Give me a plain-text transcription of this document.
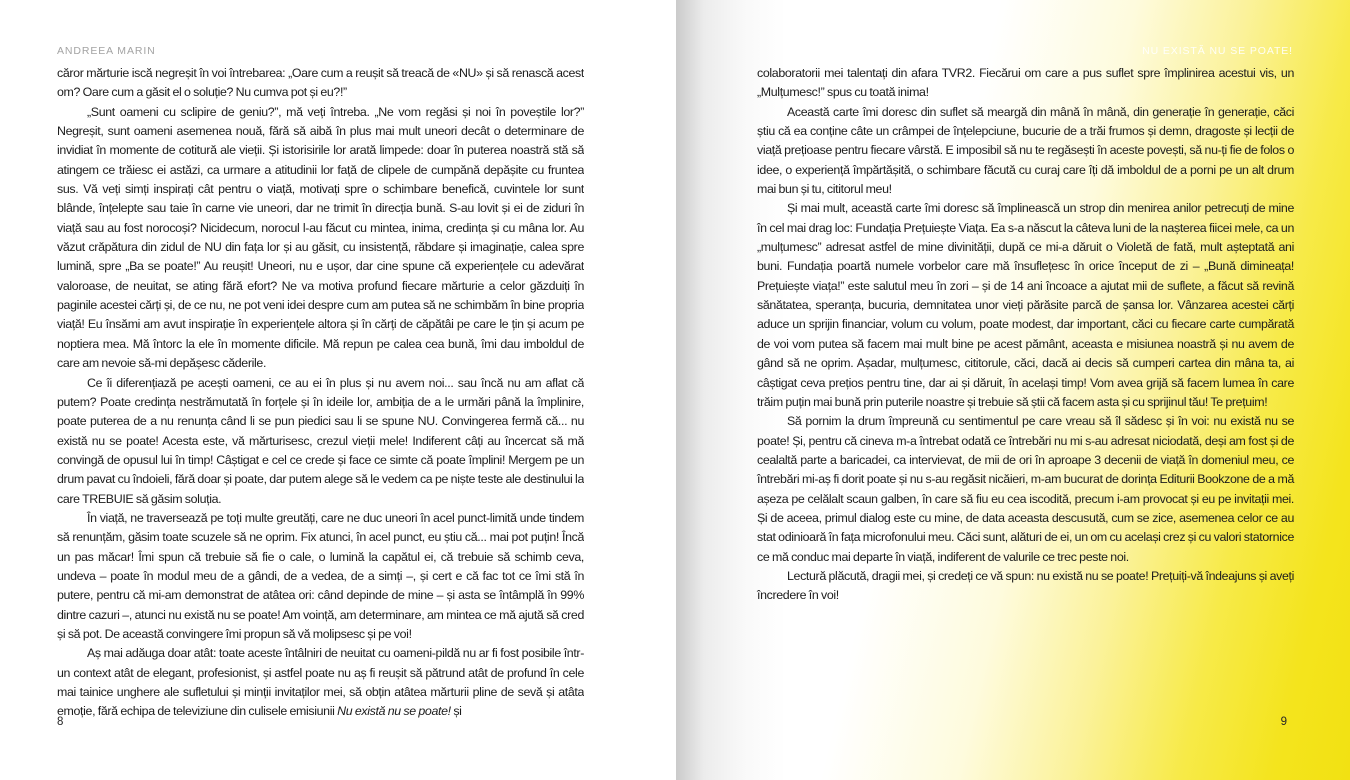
ANDREEA MARIN

căror mărturie iscă negreșit în voi întrebarea: „Oare cum a reușit să treacă de «NU» și să renască acest om? Oare cum a găsit el o soluție? Nu cumva pot și eu?!”

„Sunt oameni cu sclipire de geniu?”, mă veți întreba. „Ne vom regăsi și noi în poveștile lor?” Negreșit, sunt oameni asemenea nouă, fără să aibă în plus mai mult uneori decât o determinare de invidiat în momente de cotitură ale vieții. Și istorisirile lor arată limpede: doar în puterea noastră stă să atingem ce trăiesc ei astăzi, ca urmare a atitudinii lor față de clipele de cumpănă depășite cu fruntea sus. Vă veți simți inspirați cât pentru o viață, motivați spre o schimbare benefică, cuvintele lor sunt blânde, înțelepte sau taie în carne vie uneori, dar ne trimit în direcția bună. S-au lovit și ei de ziduri în viață sau au fost norocoși? Nicidecum, norocul l-au făcut cu mintea, inima, credința și cu mâna lor. Au văzut crăpătura din zidul de NU din fața lor și au găsit, cu insistență, răbdare și imaginație, calea spre lumină, spre „Ba se poate!” Au reușit! Uneori, nu e ușor, dar cine spune că experiențele cu adevărat valoroase, de neuitat, se ating fără efort? Ne va motiva profund fiecare mărturie a celor găzduiți în paginile acestei cărți și, de ce nu, ne pot veni idei despre cum am putea să ne schimbăm în bine propria viață! Eu însămi am avut inspirație în experiențele altora și în cărți de căpătâi pe care le țin și acum pe noptiera mea. Mă întorc la ele în momente dificile. Mă repun pe calea cea bună, îmi dau imboldul de care am nevoie să-mi depășesc căderile.

Ce îi diferențiază pe acești oameni, ce au ei în plus și nu avem noi... sau încă nu am aflat că putem? Poate credința nestrămutată în forțele și în ideile lor, ambiția de a le urmări până la împlinire, poate puterea de a nu renunța când li se pun piedici sau li se spune NU. Convingerea fermă că... nu există nu se poate! Acesta este, vă mărturisesc, crezul vieții mele! Indiferent câți au încercat să mă convingă de opusul lui în timp! Câștigat e cel ce crede și face ce simte că poate împlini! Mergem pe un drum pavat cu îndoieli, fără doar și poate, dar putem alege să le vedem ca pe niște teste ale destinului la care TREBUIE să găsim soluția.

În viață, ne traversează pe toți multe greutăți, care ne duc uneori în acel punct-limită unde tindem să renunțăm, găsim toate scuzele să ne oprim. Fix atunci, în acel punct, eu știu că... mai pot puțin! Încă un pas măcar! Îmi spun că trebuie să fie o cale, o lumină la capătul ei, că trebuie să schimb ceva, undeva – poate în modul meu de a gândi, de a vedea, de a simți –, și cert e că fac tot ce îmi stă în putere, pentru că mi-am demonstrat de atâtea ori: când depinde de mine – și asta se întâmplă în 99% dintre cazuri –, atunci nu există nu se poate! Am voință, am determinare, am mintea ce mă ajută să cred și să pot. De această convingere îmi propun să vă molipsesc și pe voi!

Aș mai adăuga doar atât: toate aceste întâlniri de neuitat cu oameni-pildă nu ar fi fost posibile într-un context atât de elegant, profesionist, și astfel poate nu aș fi reușit să pătrund atât de profund în cele mai tainice unghere ale sufletului și minții invitaților mei, să obțin atâtea mărturii pline de sevă și atâta emoție, fără echipa de televiziune din culisele emisiunii Nu există nu se poate! și

8
NU EXISTĂ NU SE POATE!

colaboratorii mei talentați din afara TVR2. Fiecărui om care a pus suflet spre împlinirea acestui vis, un „Mulțumesc!” spus cu toată inima!

Această carte îmi doresc din suflet să meargă din mână în mână, din generație în generație, căci știu că ea conține câte un crâmpei de înțelepciune, bucurie de a trăi frumos și demn, dragoste și lecții de viață prețioase pentru fiecare vârstă. E imposibil să nu te regăsești în aceste povești, să nu-ți fie de folos o idee, o experiență împărtășită, o schimbare făcută cu curaj care îți dă imboldul de a porni pe un alt drum mai bun și tu, cititorul meu!

Și mai mult, această carte îmi doresc să împlinească un strop din menirea anilor petrecuți de mine în cel mai drag loc: Fundația Prețuiește Viața. Ea s-a născut la câteva luni de la nașterea fiicei mele, ca un „mulțumesc” adresat astfel de mine divinității, după ce mi-a dăruit o Violetă de fată, mult așteptată ani buni. Fundația poartă numele vorbelor care mă însuflețesc în orice început de zi – „Bună dimineața! Prețuiește viața!” este salutul meu în zori – și de 14 ani încoace a ajutat mii de suflete, a făcut să revină sănătatea, speranța, bucuria, demnitatea unor vieți părăsite parcă de șansa lor. Vânzarea acestei cărți aduce un sprijin financiar, volum cu volum, poate modest, dar important, căci cu fiecare carte cumpărată de voi vom putea să facem mai mult bine pe acest pământ, aceasta e misiunea noastră și nu avem de gând să ne oprim. Așadar, mulțumesc, cititorule, căci, dacă ai decis să cumperi cartea din mâna ta, ai câștigat ceva prețios pentru tine, dar ai și dăruit, în același timp! Vom avea grijă să facem lumea în care trăim puțin mai bună prin puterile noastre și trebuie să știi că facem asta și cu sprijinul tău! Te prețuim!

Să pornim la drum împreună cu sentimentul pe care vreau să îl sădesc și în voi: nu există nu se poate! Și, pentru că cineva m-a întrebat odată ce întrebări nu mi s-au adresat niciodată, deși am fost și de cealaltă parte a baricadei, ca intervievat, de mii de ori în aproape 3 decenii de viață în domeniul meu, ce întrebări mi-aș fi dorit poate și nu s-au regăsit nicăieri, m-am bucurat de dorința Editurii Bookzone de a mă așeza pe celălalt scaun galben, în care să fiu eu cea iscodită, precum i-am provocat și eu pe invitații mei. Și de aceea, primul dialog este cu mine, de data aceasta descusută, cum se zice, asemenea celor ce au stat odinioară în fața microfonului meu. Căci sunt, alături de ei, un om cu același crez și cu valori statornice ce mă conduc mai departe în viață, indiferent de valurile ce trec peste noi.

Lectură plăcută, dragii mei, și credeți ce vă spun: nu există nu se poate! Prețuiți-vă îndeajuns și aveți încredere în voi!

9
